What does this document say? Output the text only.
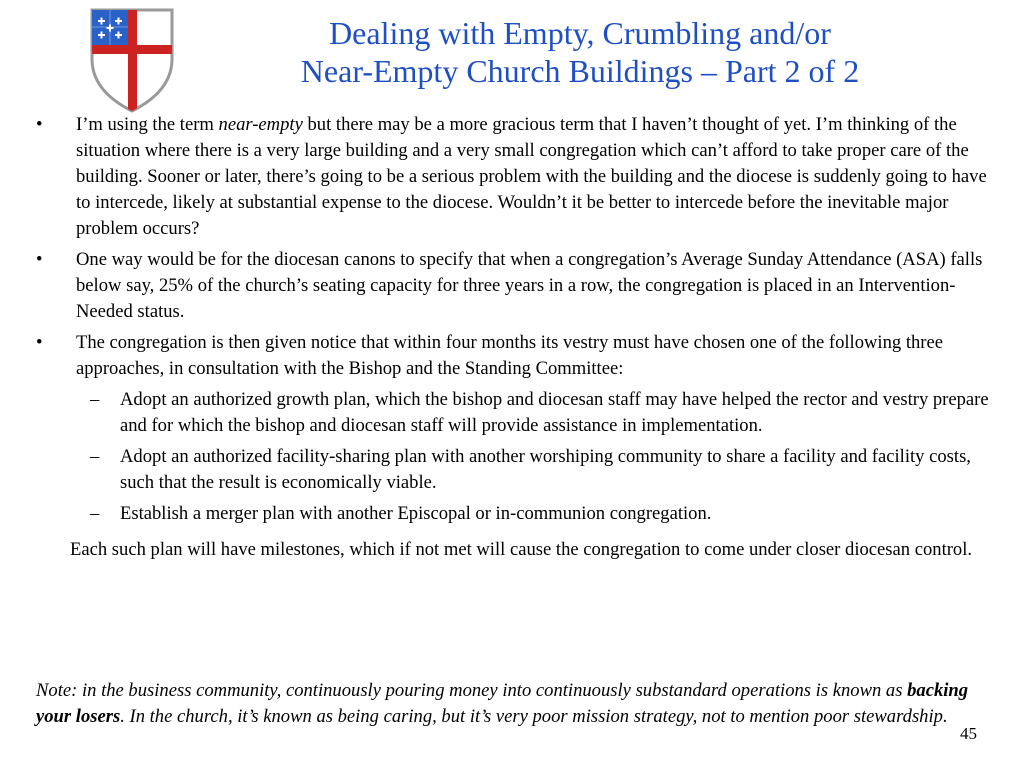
Dealing with Empty, Crumbling and/or
Near-Empty Church Buildings – Part 2 of 2
• I’m using the term near-empty but there may be a more gracious term that I haven’t thought of yet. I’m thinking of the situation where there is a very large building and a very small congregation which can’t afford to take proper care of the building. Sooner or later, there’s going to be a serious problem with the building and the diocese is suddenly going to have to intercede, likely at substantial expense to the diocese. Wouldn’t it be better to intercede before the inevitable major problem occurs?
• One way would be for the diocesan canons to specify that when a congregation’s Average Sunday Attendance (ASA) falls below say, 25% of the church’s seating capacity for three years in a row, the congregation is placed in an Intervention-Needed status.
• The congregation is then given notice that within four months its vestry must have chosen one of the following three approaches, in consultation with the Bishop and the Standing Committee:
– Adopt an authorized growth plan, which the bishop and diocesan staff may have helped the rector and vestry prepare and for which the bishop and diocesan staff will provide assistance in implementation.
– Adopt an authorized facility-sharing plan with another worshiping community to share a facility and facility costs, such that the result is economically viable.
– Establish a merger plan with another Episcopal or in-communion congregation.
Each such plan will have milestones, which if not met will cause the congregation to come under closer diocesan control.
Note: in the business community, continuously pouring money into continuously substandard operations is known as backing your losers. In the church, it’s known as being caring, but it’s very poor mission strategy, not to mention poor stewardship.
45
